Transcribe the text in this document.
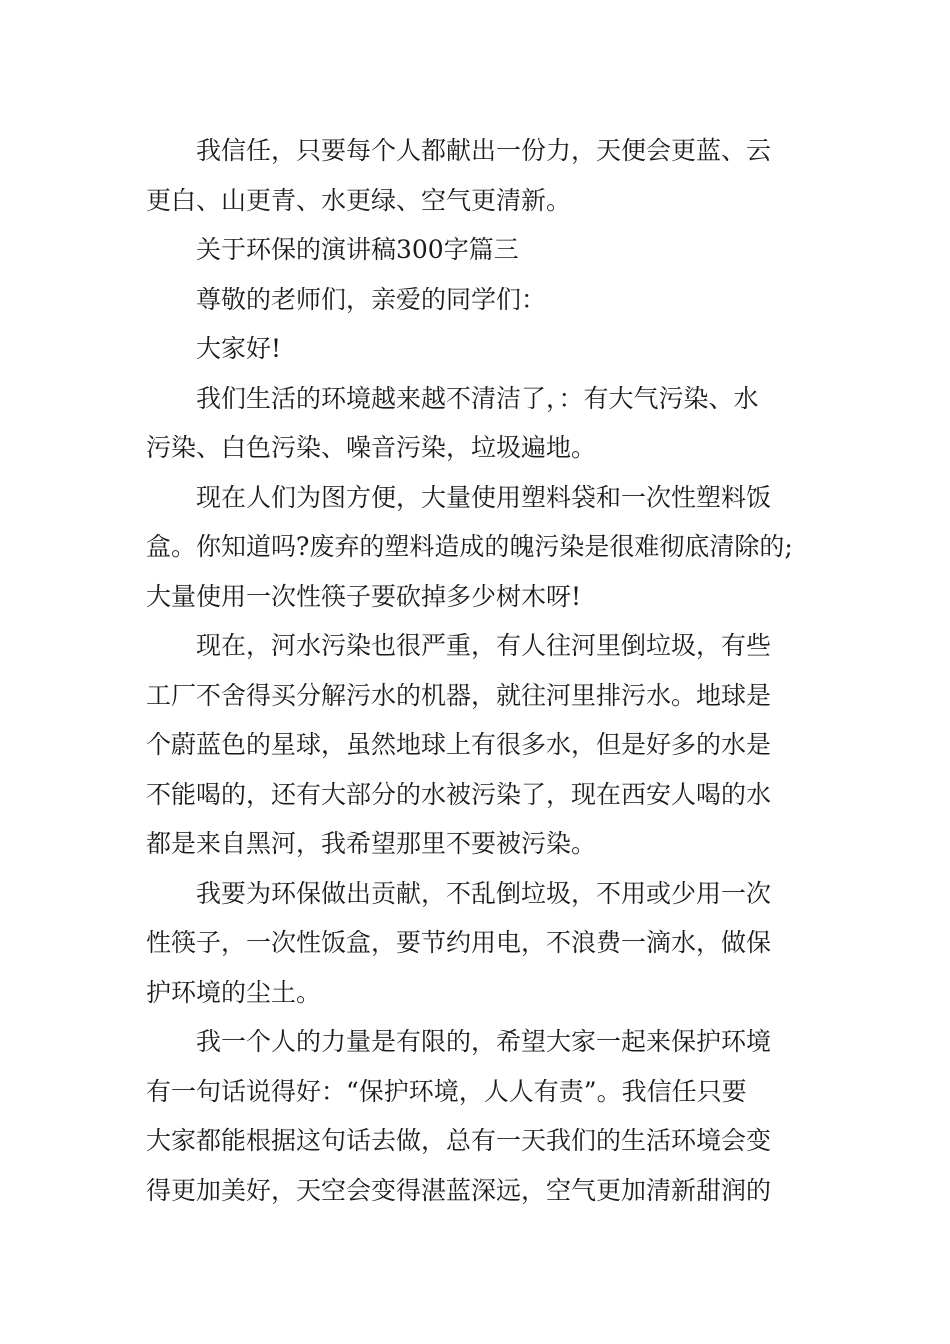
我信任，只要每个人都献出一份力，天便会更蓝、云
更白、山更青、水更绿、空气更清新。
关于环保的演讲稿300字篇三
尊敬的老师们，亲爱的同学们：
大家好!
我们生活的环境越来越不清洁了，：有大气污染、水
污染、白色污染、噪音污染，垃圾遍地。
现在人们为图方便，大量使用塑料袋和一次性塑料饭
盒。你知道吗?废弃的塑料造成的魄污染是很难彻底清除的;
大量使用一次性筷子要砍掉多少树木呀!
现在，河水污染也很严重，有人往河里倒垃圾，有些
工厂不舍得买分解污水的机器，就往河里排污水。地球是
个蔚蓝色的星球，虽然地球上有很多水，但是好多的水是
不能喝的，还有大部分的水被污染了，现在西安人喝的水
都是来自黑河，我希望那里不要被污染。
我要为环保做出贡献，不乱倒垃圾，不用或少用一次
性筷子，一次性饭盒，要节约用电，不浪费一滴水，做保
护环境的尘土。
我一个人的力量是有限的，希望大家一起来保护环境
有一句话说得好：“保护环境，人人有责”。我信任只要
大家都能根据这句话去做，总有一天我们的生活环境会变
得更加美好，天空会变得湛蓝深远，空气更加清新甜润的
